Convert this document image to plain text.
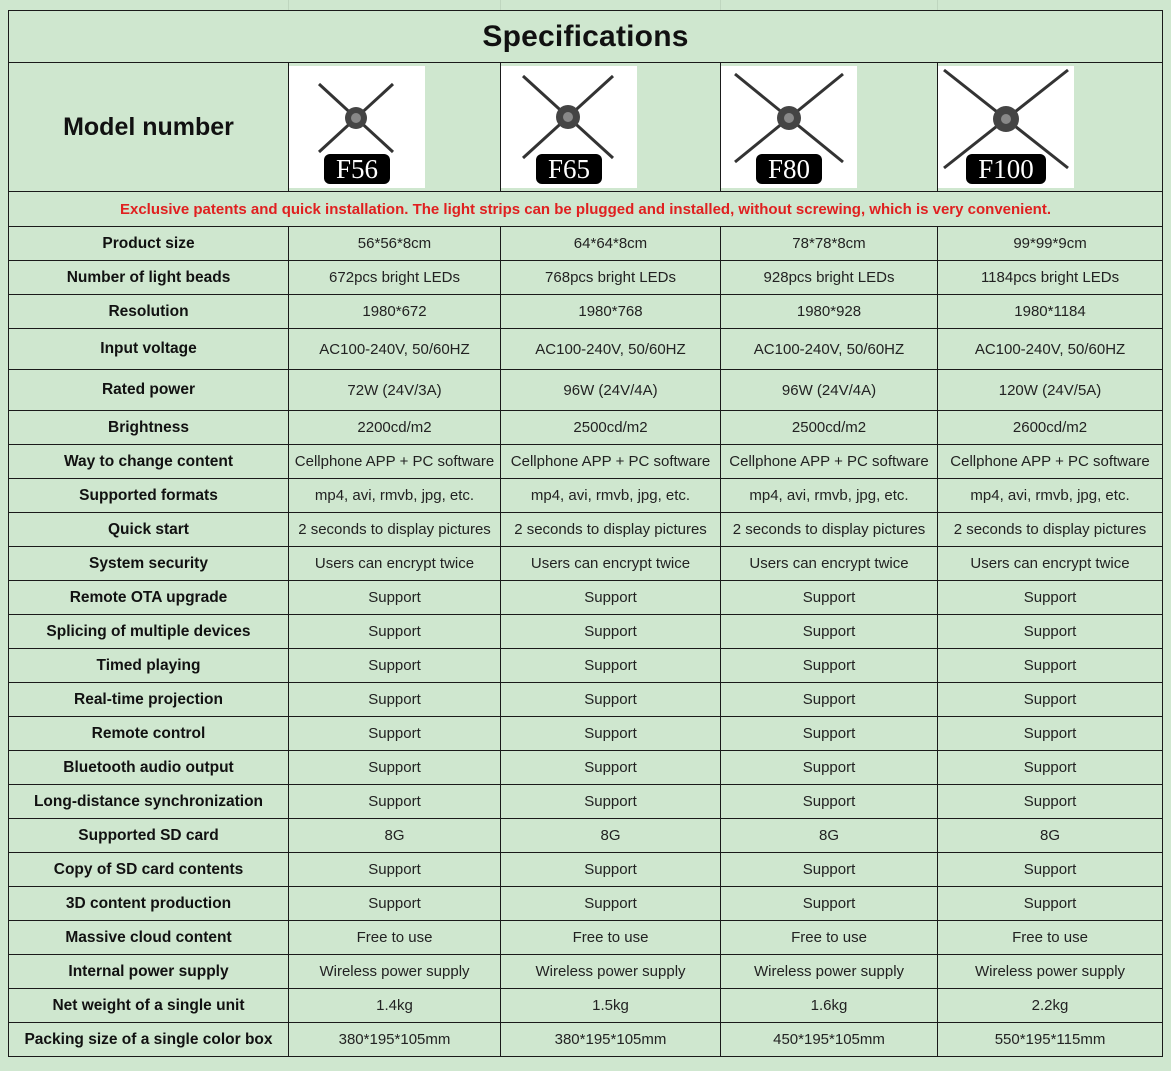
Specifications				
Model number	F56	F65	F80	F100

Exclusive patents and quick installation. The light strips can be plugged and installed, without screwing, which is very convenient.				
Product size	56*56*8cm	64*64*8cm	78*78*8cm	99*99*9cm
Number of light beads	672pcs bright LEDs	768pcs bright LEDs	928pcs bright LEDs	1184pcs bright LEDs
Resolution	1980*672	1980*768	1980*928	1980*1184
Input voltage	AC100-240V, 50/60HZ	AC100-240V, 50/60HZ	AC100-240V, 50/60HZ	AC100-240V, 50/60HZ
Rated power	72W (24V/3A)	96W (24V/4A)	96W (24V/4A)	120W (24V/5A)
Brightness	2200cd/m2	2500cd/m2	2500cd/m2	2600cd/m2
Way to change content	Cellphone APP + PC software	Cellphone APP + PC software	Cellphone APP + PC software	Cellphone APP + PC software
Supported formats	mp4, avi, rmvb, jpg, etc.	mp4, avi, rmvb, jpg, etc.	mp4, avi, rmvb, jpg, etc.	mp4, avi, rmvb, jpg, etc.
Quick start	2 seconds to display pictures	2 seconds to display pictures	2 seconds to display pictures	2 seconds to display pictures
System security	Users can encrypt twice	Users can encrypt twice	Users can encrypt twice	Users can encrypt twice
Remote OTA upgrade	Support	Support	Support	Support
Splicing of multiple devices	Support	Support	Support	Support
Timed playing	Support	Support	Support	Support
Real-time projection	Support	Support	Support	Support
Remote control	Support	Support	Support	Support
Bluetooth audio output	Support	Support	Support	Support
Long-distance synchronization	Support	Support	Support	Support
Supported SD card	8G	8G	8G	8G
Copy of SD card contents	Support	Support	Support	Support
3D content production	Support	Support	Support	Support
Massive cloud content	Free to use	Free to use	Free to use	Free to use
Internal power supply	Wireless power supply	Wireless power supply	Wireless power supply	Wireless power supply
Net weight of a single unit	1.4kg	1.5kg	1.6kg	2.2kg
Packing size of a single color box	380*195*105mm	380*195*105mm	450*195*105mm	550*195*115mm
